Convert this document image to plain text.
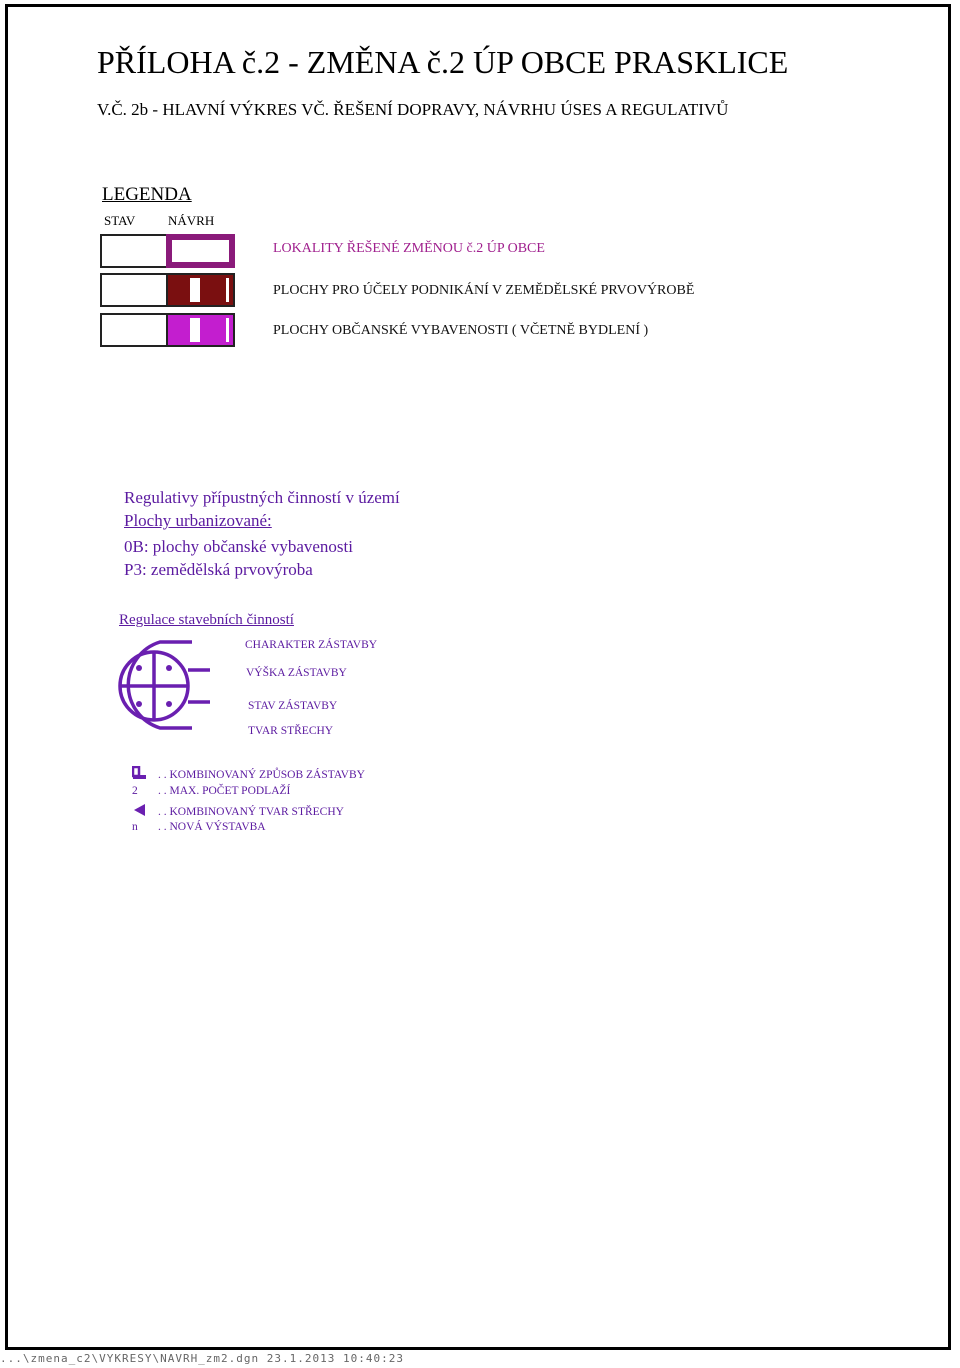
PŘÍLOHA č.2 - ZMĚNA č.2 ÚP OBCE PRASKLICE
V.Č. 2b - HLAVNÍ VÝKRES VČ. ŘEŠENÍ DOPRAVY, NÁVRHU ÚSES A REGULATIVŮ
LEGENDA
STAV	NÁVRH
LOKALITY ŘEŠENÉ ZMĚNOU č.2 ÚP OBCE
PLOCHY PRO ÚČELY PODNIKÁNÍ V ZEMĚDĚLSKÉ PRVOVÝROBĚ
PLOCHY OBČANSKÉ VYBAVENOSTI ( VČETNĚ BYDLENÍ )
Regulativy přípustných činností v území
Plochy urbanizované:
0B: plochy občanské vybavenosti
P3: zemědělská prvovýroba
Regulace stavebních činností
CHARAKTER ZÁSTAVBY
VÝŠKA ZÁSTAVBY
STAV ZÁSTAVBY
TVAR STŘECHY
. . KOMBINOVANÝ ZPŮSOB ZÁSTAVBY
2 . . MAX. POČET PODLAŽÍ
. . KOMBINOVANÝ TVAR STŘECHY
n . . NOVÁ VÝSTAVBA
...\zmena_c2\VYKRESY\NAVRH_zm2.dgn 23.1.2013 10:40:23
